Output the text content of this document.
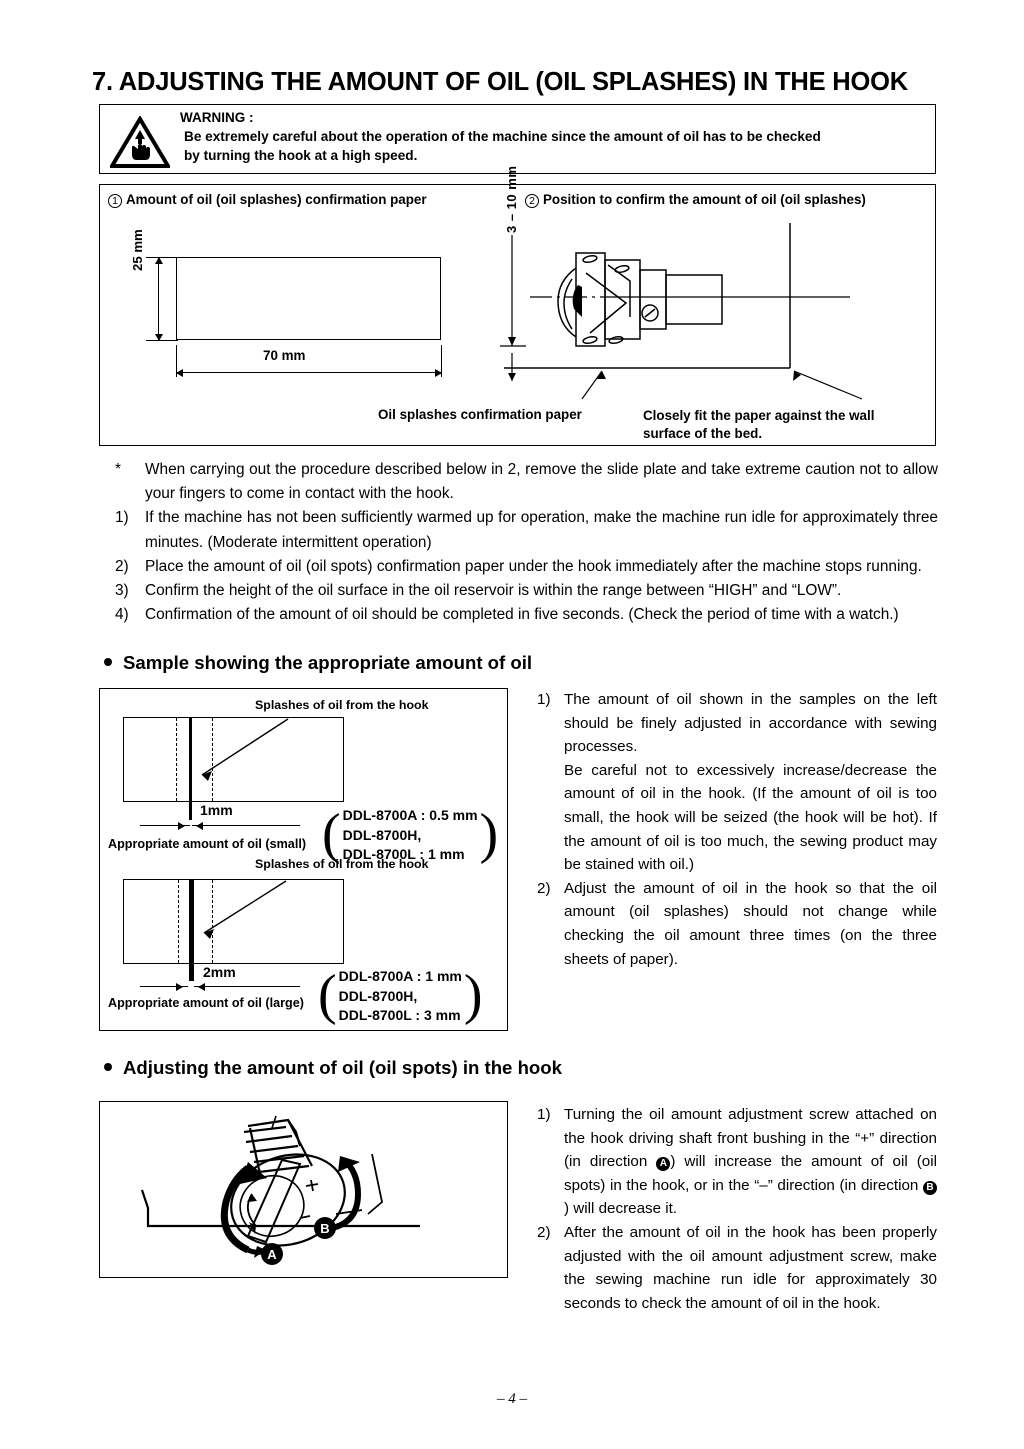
7. ADJUSTING THE AMOUNT OF OIL (OIL SPLASHES) IN THE HOOK
WARNING :
Be extremely careful about the operation of the machine since the amount of oil has to be checked
by turning the hook at a high speed.
1 Amount of oil (oil splashes) confirmation paper	2 Position to confirm the amount of oil (oil splashes)
25 mm
70 mm
3 – 10 mm
Oil splashes confirmation paper	Closely fit the paper against the wall
surface of the bed.
*	When carrying out the procedure described below in 2, remove the slide plate and take extreme caution not to allow your fingers to come in contact with the hook.
1)	If the machine has not been sufficiently warmed up for operation, make the machine run idle for approximately three minutes. (Moderate intermittent operation)
2)	Place the amount of oil (oil spots) confirmation paper under the hook immediately after the machine stops running.
3)	Confirm the height of the oil surface in the oil reservoir is within the range between “HIGH” and “LOW”.
4)	Confirmation of the amount of oil should be completed in five seconds. (Check the period of time with a watch.)
Sample showing the appropriate amount of oil
Splashes of oil from the hook
1mm
Appropriate amount of oil (small) ( DDL-8700A : 0.5 mm
DDL-8700H,
DDL-8700L : 1 mm )
Splashes of oil from the hook
2mm
Appropriate amount of oil (large) ( DDL-8700A : 1 mm
DDL-8700H,
DDL-8700L : 3 mm )
1) The amount of oil shown in the samples on the left should be finely adjusted in accordance with sewing processes.
Be careful not to excessively increase/decrease the amount of oil in the hook. (If the amount of oil is too small, the hook will be seized (the hook will be hot). If the amount of oil is too much, the sewing product may be stained with oil.)
2) Adjust the amount of oil in the hook so that the oil amount (oil splashes) should not change while checking the oil amount three times (on the three sheets of paper).
Adjusting the amount of oil (oil spots) in the hook
A
B
1) Turning the oil amount adjustment screw attached on the hook driving shaft front bushing in the “+” direction (in direction A ) will increase the amount of oil (oil spots) in the hook, or in the “–” direction (in direction B) will decrease it.
2) After the amount of oil in the hook has been properly adjusted with the oil amount adjustment screw, make the sewing machine run idle for approximately 30 seconds to check the amount of oil in the hook.
– 4 –
